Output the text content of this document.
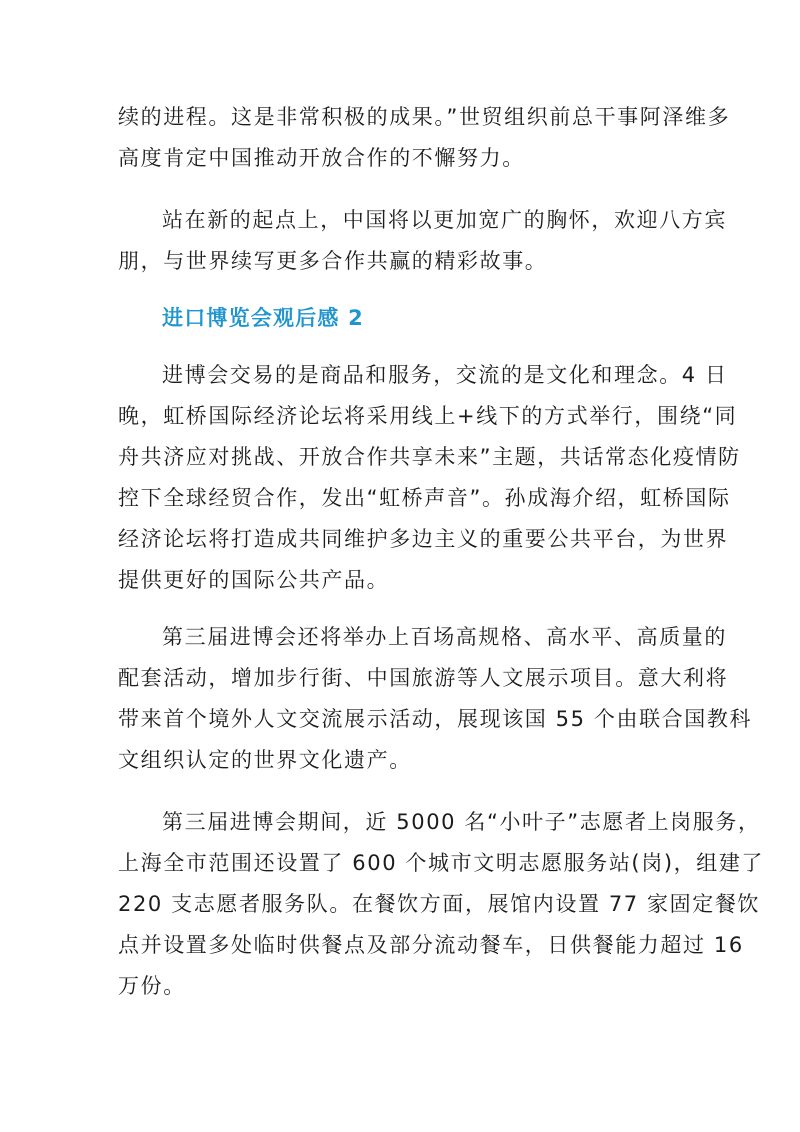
续的进程。这是非常积极的成果。”世贸组织前总干事阿泽维多
高度肯定中国推动开放合作的不懈努力。
站在新的起点上，中国将以更加宽广的胸怀，欢迎八方宾
朋，与世界续写更多合作共赢的精彩故事。
进口博览会观后感 2
进博会交易的是商品和服务，交流的是文化和理念。4 日
晚，虹桥国际经济论坛将采用线上+线下的方式举行，围绕“同
舟共济应对挑战、开放合作共享未来”主题，共话常态化疫情防
控下全球经贸合作，发出“虹桥声音”。孙成海介绍，虹桥国际
经济论坛将打造成共同维护多边主义的重要公共平台，为世界
提供更好的国际公共产品。
第三届进博会还将举办上百场高规格、高水平、高质量的
配套活动，增加步行街、中国旅游等人文展示项目。意大利将
带来首个境外人文交流展示活动，展现该国 55 个由联合国教科
文组织认定的世界文化遗产。
第三届进博会期间，近 5000 名“小叶子”志愿者上岗服务，
上海全市范围还设置了 600 个城市文明志愿服务站(岗)，组建了
220 支志愿者服务队。在餐饮方面，展馆内设置 77 家固定餐饮
点并设置多处临时供餐点及部分流动餐车，日供餐能力超过 16
万份。
